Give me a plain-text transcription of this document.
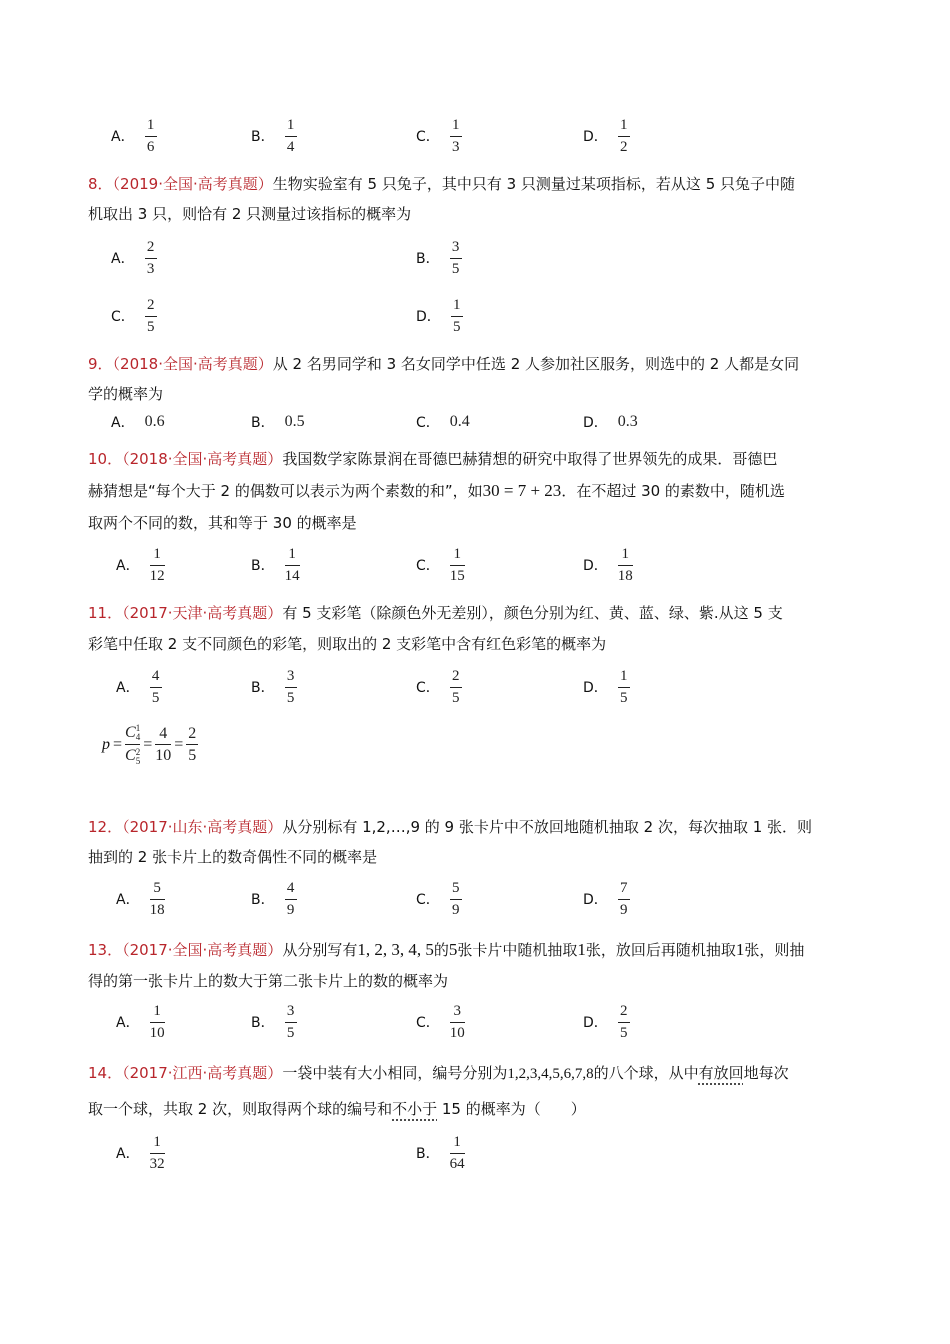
A． $\frac{1}{6}$	B． $\frac{1}{4}$	C． $\frac{1}{3}$	D． $\frac{1}{2}$
8．（2019·全国·高考真题）生物实验室有 5 只兔子，其中只有 3 只测量过某项指标，若从这 5 只兔子中随
机取出 3 只，则恰有 2 只测量过该指标的概率为
A． $\frac{2}{3}$	B． $\frac{3}{5}$
C． $\frac{2}{5}$	D． $\frac{1}{5}$
9．（2018·全国·高考真题）从 2 名男同学和 3 名女同学中任选 2 人参加社区服务，则选中的 2 人都是女同
学的概率为
A． 0.6	B． 0.5	C． 0.4	D． 0.3
10．（2018·全国·高考真题）我国数学家陈景润在哥德巴赫猜想的研究中取得了世界领先的成果．哥德巴
赫猜想是“每个大于 2 的偶数可以表示为两个素数的和”，如30 = 7 + 23．在不超过 30 的素数中，随机选
取两个不同的数，其和等于 30 的概率是
A． $\frac{1}{12}$	B． $\frac{1}{14}$	C． $\frac{1}{15}$	D． $\frac{1}{18}$
11．（2017·天津·高考真题）有 5 支彩笔（除颜色外无差别），颜色分别为红、黄、蓝、绿、紫.从这 5 支
彩笔中任取 2 支不同颜色的彩笔，则取出的 2 支彩笔中含有红色彩笔的概率为
A． $\frac{4}{5}$	B． $\frac{3}{5}$	C． $\frac{2}{5}$	D． $\frac{1}{5}$
p = C 1
4
C 2
$5 = \frac{4}{10} = \frac{2}{5}$
12．（2017·山东·高考真题）从分别标有 1,2,…,9 的 9 张卡片中不放回地随机抽取 2 次，每次抽取 1 张．则
抽到的 2 张卡片上的数奇偶性不同的概率是
A． $\frac{5}{18}$	B． $\frac{4}{9}$	C． $\frac{5}{9}$	D． $\frac{7}{9}$
13．（2017·全国·高考真题）从分别写有1, 2, 3, 4, 5的5张卡片中随机抽取1张，放回后再随机抽取1张，则抽
得的第一张卡片上的数大于第二张卡片上的数的概率为
A． $\frac{1}{10}$	B． $\frac{3}{5}$	C． $\frac{3}{10}$	D． $\frac{2}{5}$
14．（2017·江西·高考真题）一袋中装有大小相同，编号分别为1,2,3,4,5,6,7,8的八个球，从中有放回地每次
取一个球，共取 2 次，则取得两个球的编号和不小于 15 的概率为（　　）
A． $\frac{1}{32}$	B． $\frac{1}{64}$
